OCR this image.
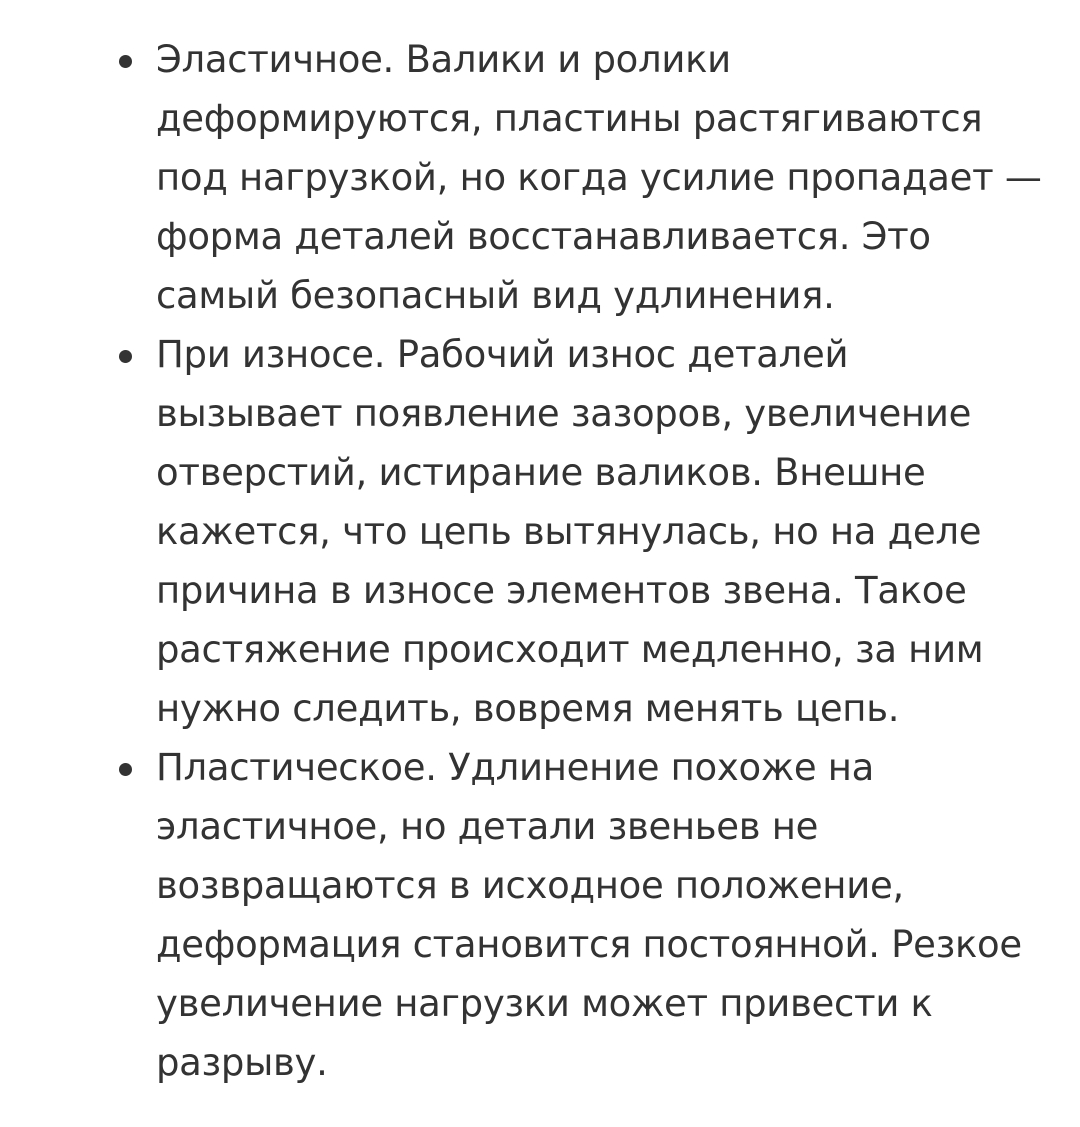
Эластичное. Валики и ролики
деформируются, пластины растягиваются
под нагрузкой, но когда усилие пропадает —
форма деталей восстанавливается. Это
самый безопасный вид удлинения.
При износе. Рабочий износ деталей
вызывает появление зазоров, увеличение
отверстий, истирание валиков. Внешне
кажется, что цепь вытянулась, но на деле
причина в износе элементов звена. Такое
растяжение происходит медленно, за ним
нужно следить, вовремя менять цепь.
Пластическое. Удлинение похоже на
эластичное, но детали звеньев не
возвращаются в исходное положение,
деформация становится постоянной. Резкое
увеличение нагрузки может привести к
разрыву.
